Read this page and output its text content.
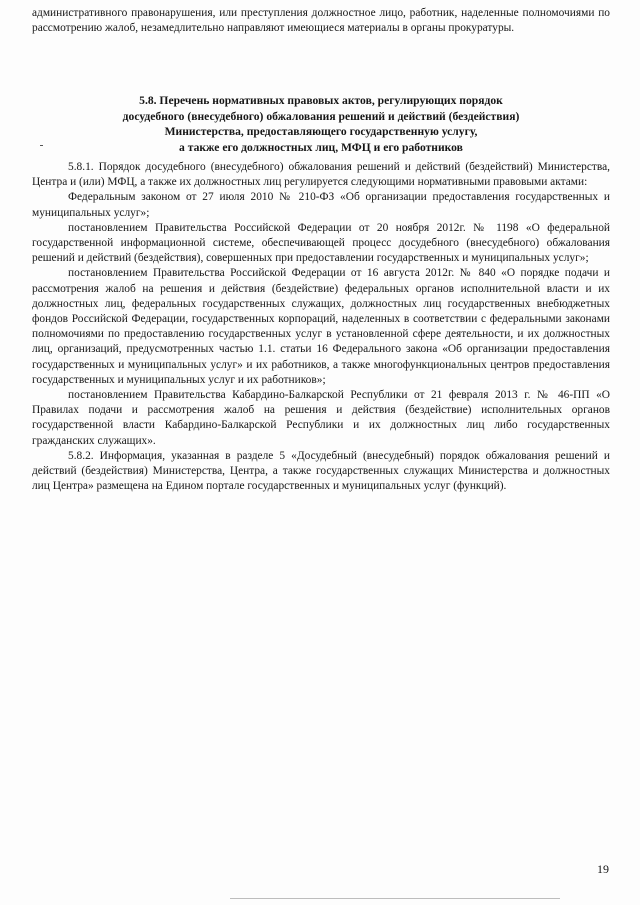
административного правонарушения, или преступления должностное лицо, работник, наделенные полномочиями по рассмотрению жалоб, незамедлительно направляют имеющиеся материалы в органы прокуратуры.

5.8. Перечень нормативных правовых актов, регулирующих порядок
досудебного (внесудебного) обжалования решений и действий (бездействия)
Министерства, предоставляющего государственную услугу,
а также его должностных лиц, МФЦ и его работников

5.8.1. Порядок досудебного (внесудебного) обжалования решений и действий (бездействий) Министерства, Центра и (или) МФЦ, а также их должностных лиц регулируется следующими нормативными правовыми актами:

Федеральным законом от 27 июля 2010 № 210-ФЗ «Об организации предоставления государственных и муниципальных услуг»;

постановлением Правительства Российской Федерации от 20 ноября 2012г. № 1198 «О федеральной государственной информационной системе, обеспечивающей процесс досудебного (внесудебного) обжалования решений и действий (бездействия), совершенных при предоставлении государственных и муниципальных услуг»;

постановлением Правительства Российской Федерации от 16 августа 2012г. № 840 «О порядке подачи и рассмотрения жалоб на решения и действия (бездействие) федеральных органов исполнительной власти и их должностных лиц, федеральных государственных служащих, должностных лиц государственных внебюджетных фондов Российской Федерации, государственных корпораций, наделенных в соответствии с федеральными законами полномочиями по предоставлению государственных услуг в установленной сфере деятельности, и их должностных лиц, организаций, предусмотренных частью 1.1. статьи 16 Федерального закона «Об организации предоставления государственных и муниципальных услуг» и их работников, а также многофункциональных центров предоставления государственных и муниципальных услуг и их работников»;

постановлением Правительства Кабардино-Балкарской Республики от 21 февраля 2013 г. № 46-ПП «О Правилах подачи и рассмотрения жалоб на решения и действия (бездействие) исполнительных органов государственной власти Кабардино-Балкарской Республики и их должностных лиц либо государственных гражданских служащих».

5.8.2. Информация, указанная в разделе 5 «Досудебный (внесудебный) порядок обжалования решений и действий (бездействия) Министерства, Центра, а также государственных служащих Министерства и должностных лиц Центра» размещена на Едином портале государственных и муниципальных услуг (функций).

19
